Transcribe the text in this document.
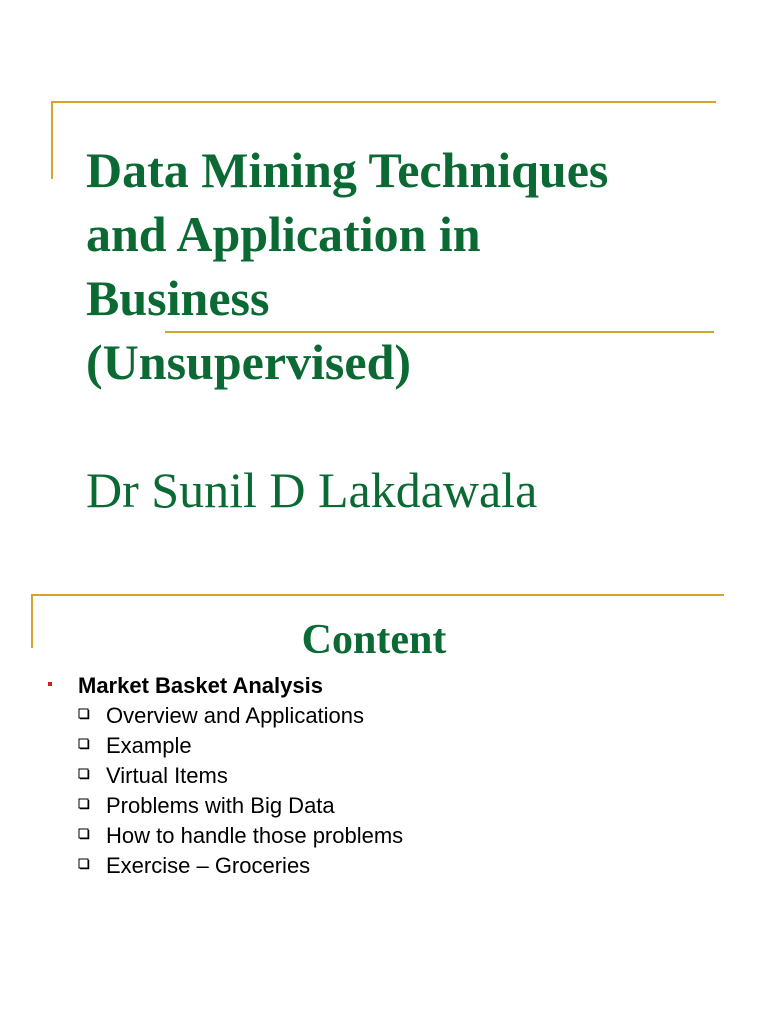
Data Mining Techniques
and Application in
Business
(Unsupervised)

Dr Sunil D Lakdawala

Content
Market Basket Analysis
Overview and Applications
Example
Virtual Items
Problems with Big Data
How to handle those problems
Exercise – Groceries
